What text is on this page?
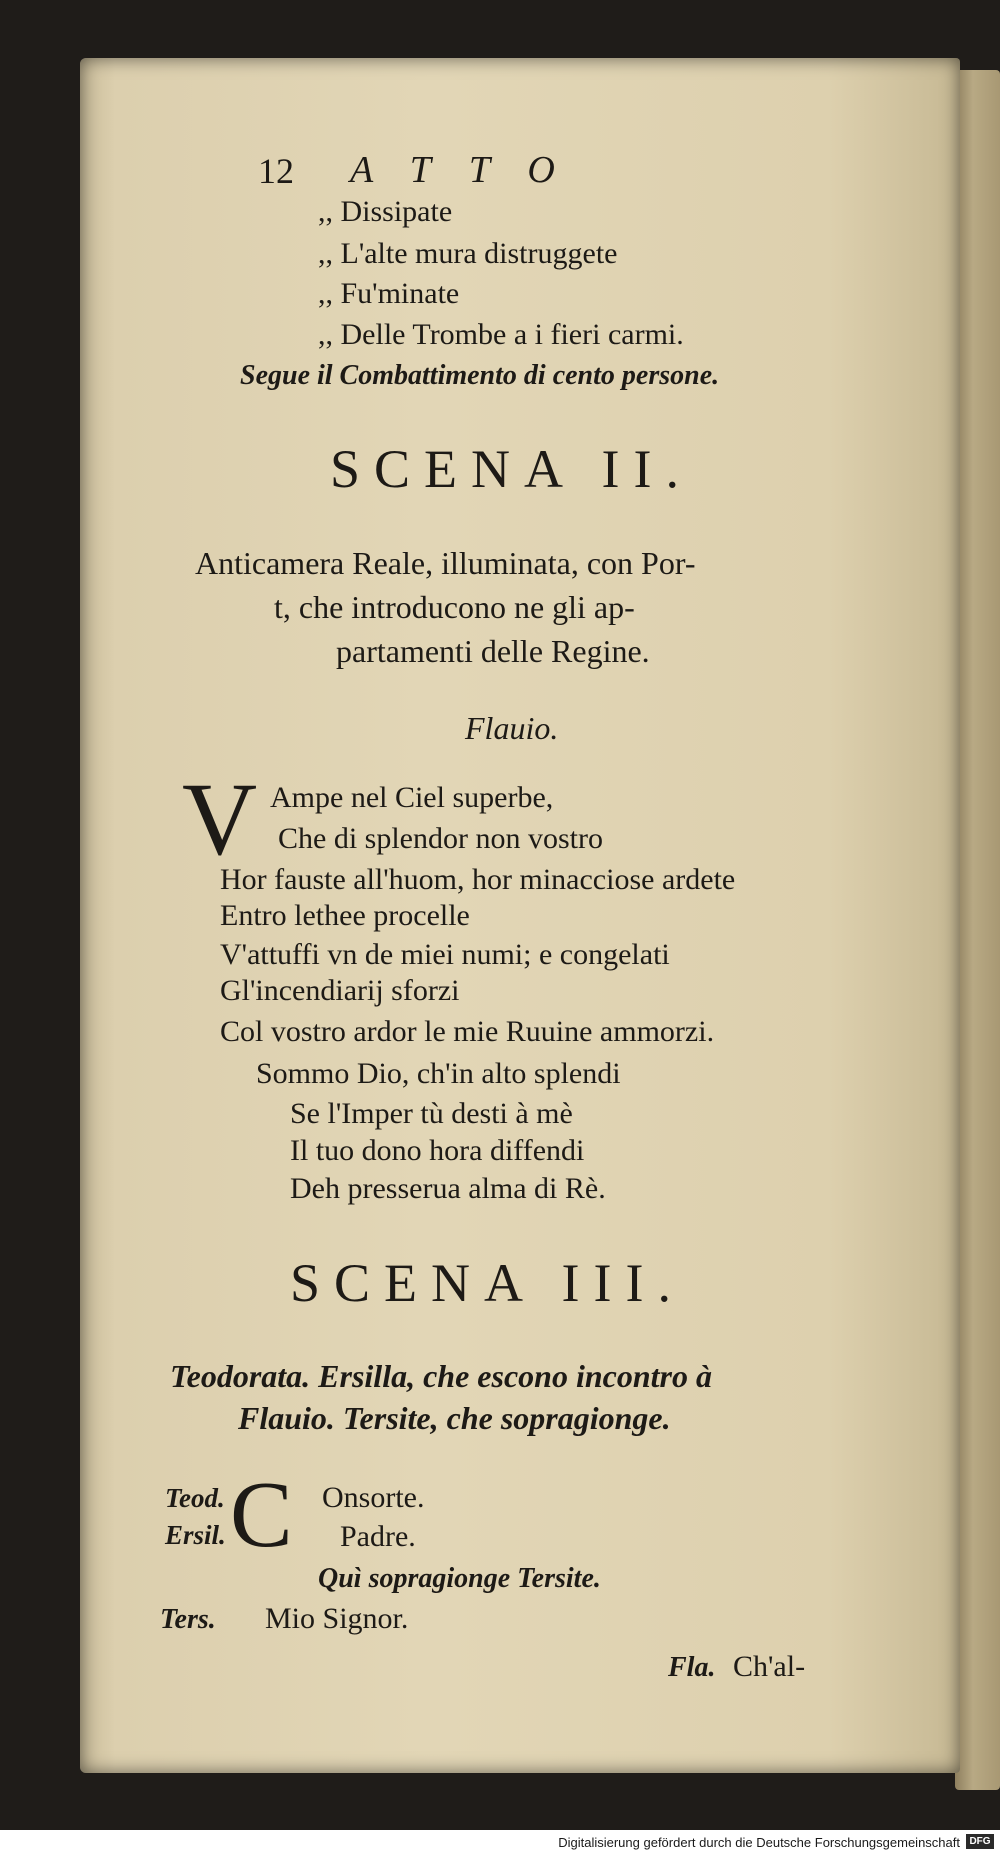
12 ATTO
,, Dissipate
,, L'alte mura distruggete
,, Fu'minate
,, Delle Trombe a i fieri carmi.
Segue il Combattimento di cento persone.
SCENA II.
Anticamera Reale, illuminata, con Por-
t, che introducono ne gli ap-
partamenti delle Regine.
Flauio.
V Ampe nel Ciel superbe,
Che di splendor non vostro
Hor fauste all'huom, hor minacciose ardete
Entro lethee procelle
V'attuffi vn de miei numi; e congelati
Gl'incendiarij sforzi
Col vostro ardor le mie Ruuine ammorzi.
Sommo Dio, ch'in alto splendi
Se l'Imper tù desti à mè
Il tuo dono hora diffendi
Deh presserua alma di Rè.
SCENA III.
Teodorata. Ersilla, che escono incontro à
Flauio. Tersite, che sopragionge.
Teod. C Onsorte.
Ersil.	Padre.
Quì sopragionge Tersite.
Ters. Mio Signor.
Fla. Ch'al-
Digitalisierung gefördert durch die Deutsche Forschungsgemeinschaft DFG
